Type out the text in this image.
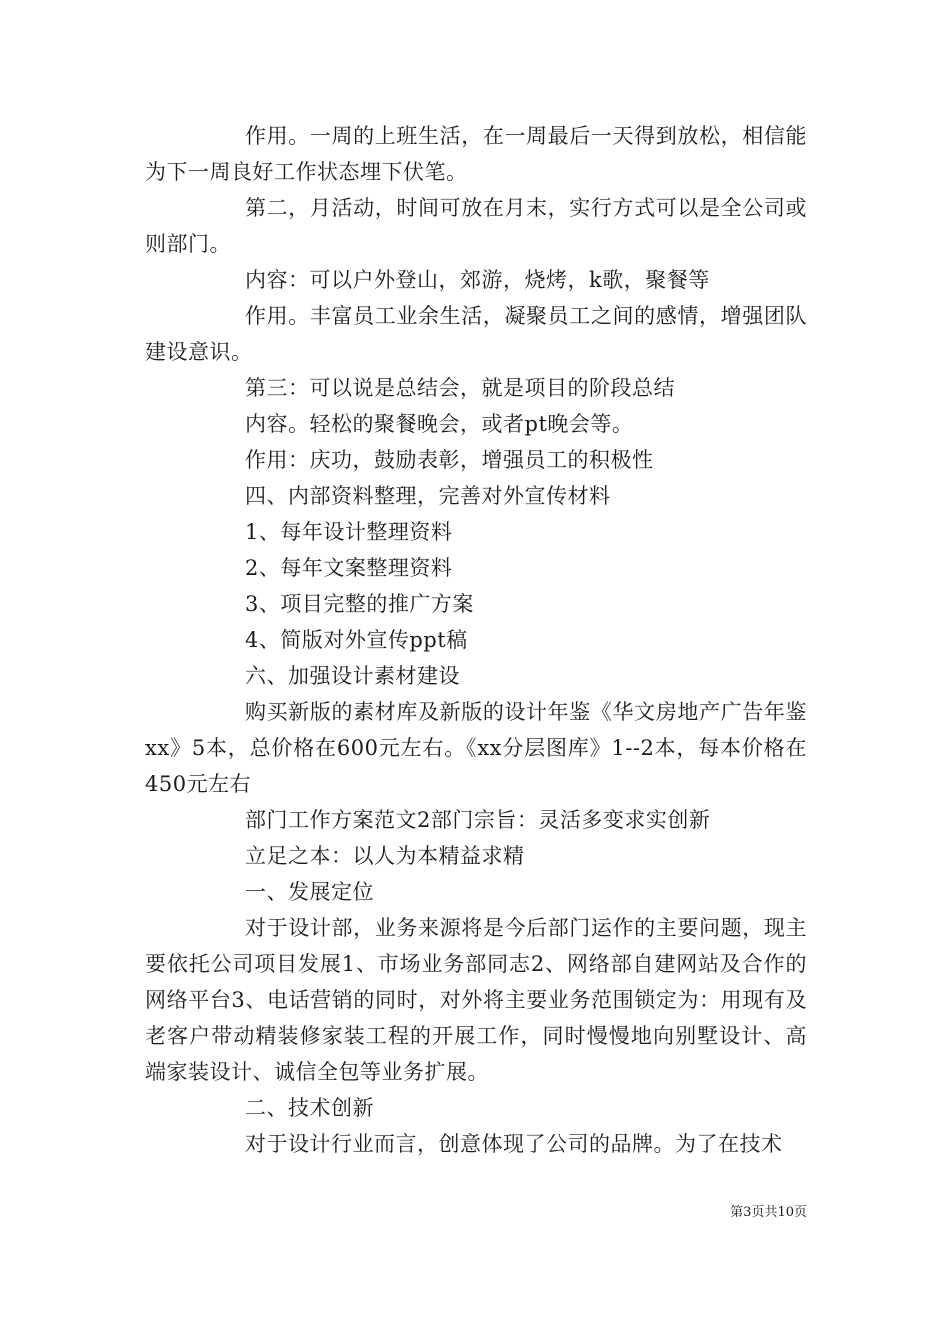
作用。一周的上班生活，在一周最后一天得到放松，相信能为下一周良好工作状态埋下伏笔。

第二，月活动，时间可放在月末，实行方式可以是全公司或则部门。

内容：可以户外登山，郊游，烧烤，k歌，聚餐等

作用。丰富员工业余生活，凝聚员工之间的感情，增强团队建设意识。

第三：可以说是总结会，就是项目的阶段总结

内容。轻松的聚餐晚会，或者pt晚会等。

作用：庆功，鼓励表彰，增强员工的积极性

四、内部资料整理，完善对外宣传材料

1、每年设计整理资料

2、每年文案整理资料

3、项目完整的推广方案

4、简版对外宣传ppt稿

六、加强设计素材建设

购买新版的素材库及新版的设计年鉴《华文房地产广告年鉴xx》5本，总价格在600元左右。《xx分层图库》1--2本，每本价格在450元左右

部门工作方案范文2部门宗旨：灵活多变求实创新

立足之本：以人为本精益求精

一、发展定位

对于设计部，业务来源将是今后部门运作的主要问题，现主要依托公司项目发展1、市场业务部同志2、网络部自建网站及合作的网络平台3、电话营销的同时，对外将主要业务范围锁定为：用现有及老客户带动精装修家装工程的开展工作，同时慢慢地向别墅设计、高端家装设计、诚信全包等业务扩展。

二、技术创新

对于设计行业而言，创意体现了公司的品牌。为了在技术

第3页共10页
